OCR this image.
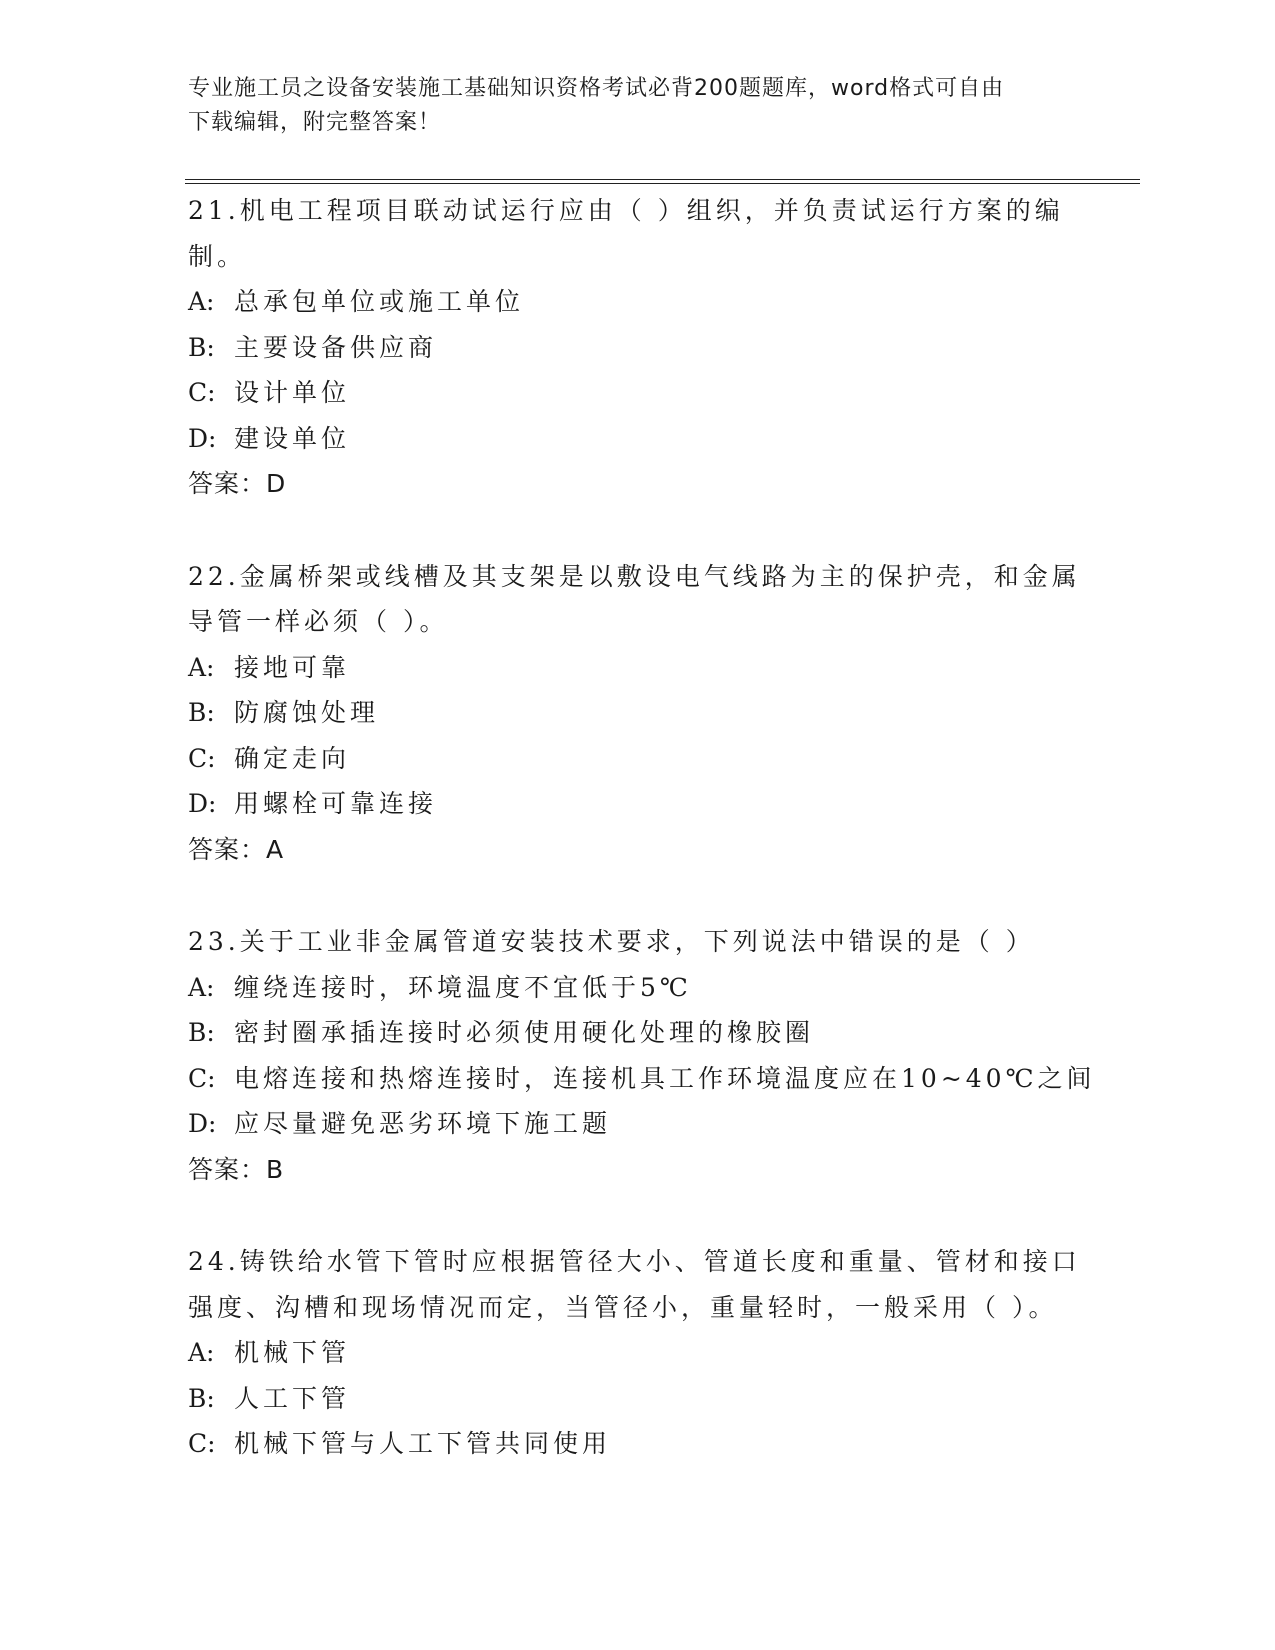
专业施工员之设备安装施工基础知识资格考试必背200题题库，word格式可自由
下载编辑，附完整答案！

21.机电工程项目联动试运行应由（ ）组织，并负责试运行方案的编
制。

A: 总承包单位或施工单位

B: 主要设备供应商

C: 设计单位

D: 建设单位

答案：D

22.金属桥架或线槽及其支架是以敷设电气线路为主的保护壳，和金属
导管一样必须（ ）。

A: 接地可靠

B: 防腐蚀处理

C: 确定走向

D: 用螺栓可靠连接

答案：A

23.关于工业非金属管道安装技术要求，下列说法中错误的是（ ）

A: 缠绕连接时，环境温度不宜低于5℃

B: 密封圈承插连接时必须使用硬化处理的橡胶圈

C: 电熔连接和热熔连接时，连接机具工作环境温度应在10~40℃之间

D: 应尽量避免恶劣环境下施工题

答案：B

24.铸铁给水管下管时应根据管径大小、管道长度和重量、管材和接口
强度、沟槽和现场情况而定，当管径小，重量轻时，一般采用（ ）。

A: 机械下管

B: 人工下管

C: 机械下管与人工下管共同使用
